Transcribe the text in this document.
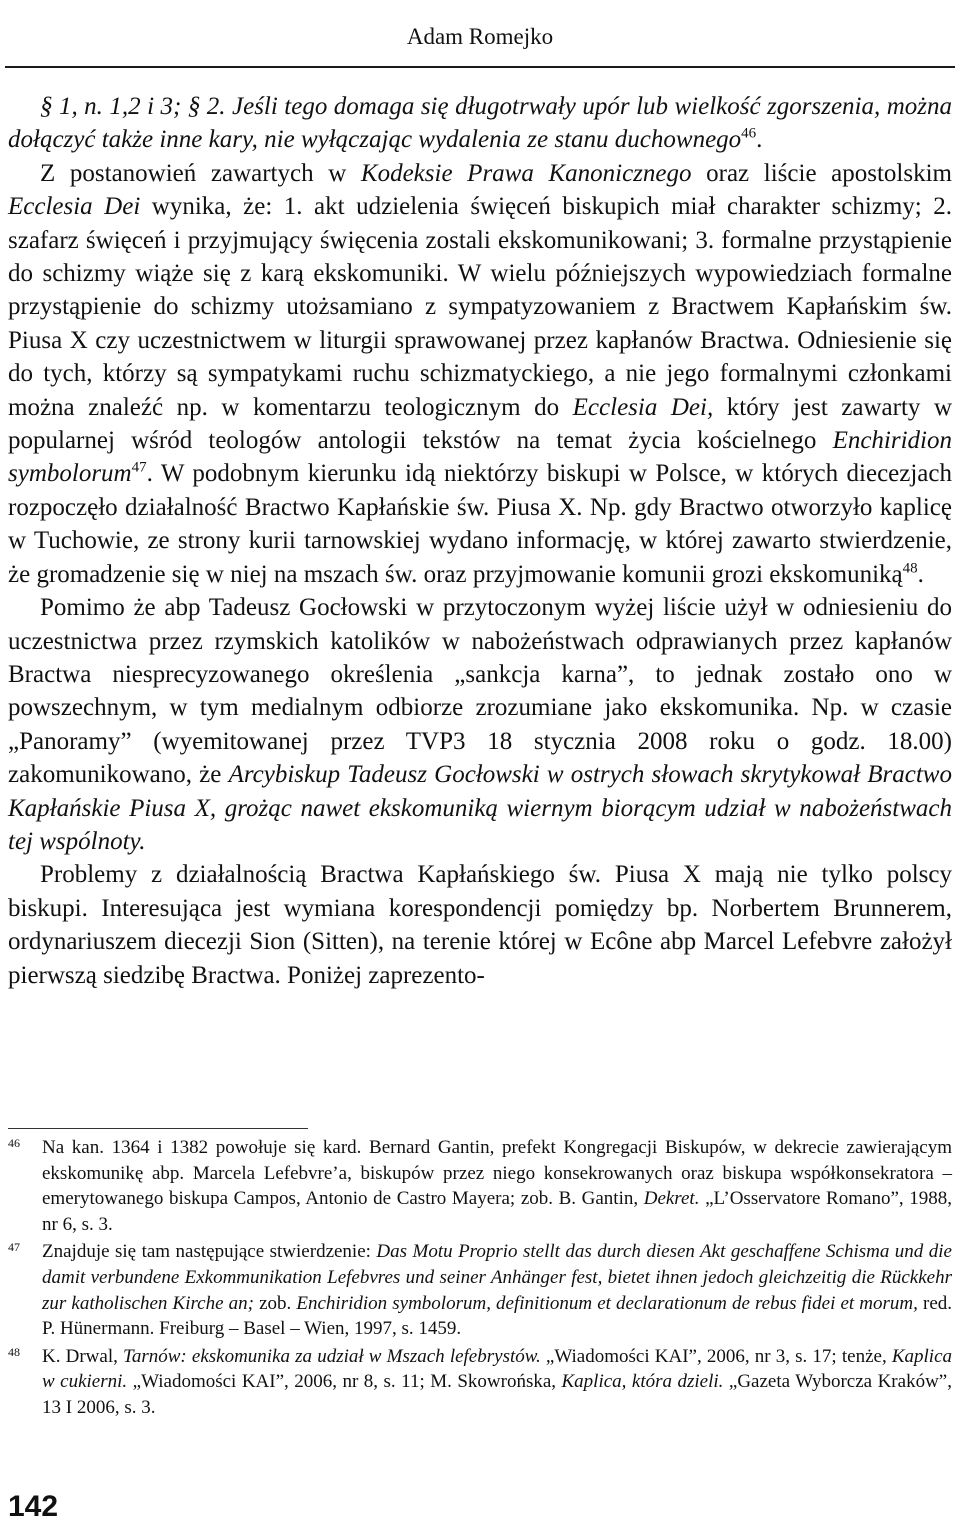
Adam Romejko

§ 1, n. 1,2 i 3; § 2. Jeśli tego domaga się długotrwały upór lub wielkość zgorszenia, można dołączyć także inne kary, nie wyłączając wydalenia ze stanu duchownego$^{46}$.

Z postanowień zawartych w Kodeksie Prawa Kanonicznego oraz liście apostolskim Ecclesia Dei wynika, że: 1. akt udzielenia święceń biskupich miał charakter schizmy; 2. szafarz święceń i przyjmujący święcenia zostali ekskomunikowani; 3. formalne przystąpienie do schizmy wiąże się z karą ekskomuniki. W wielu późniejszych wypowiedziach formalne przystąpienie do schizmy utożsamiano z sympatyzowaniem z Bractwem Kapłańskim św. Piusa X czy uczestnictwem w liturgii sprawowanej przez kapłanów Bractwa. Odniesienie się do tych, którzy są sympatykami ruchu schizmatyckiego, a nie jego formalnymi członkami można znaleźć np. w komentarzu teologicznym do Ecclesia Dei, który jest zawarty w popularnej wśród teologów antologii tekstów na temat życia kościelnego Enchiridion symbolorum$^{47}$. W podobnym kierunku idą niektórzy biskupi w Polsce, w których diecezjach rozpoczęło działalność Bractwo Kapłańskie św. Piusa X. Np. gdy Bractwo otworzyło kaplicę w Tuchowie, ze strony kurii tarnowskiej wydano informację, w której zawarto stwierdzenie, że gromadzenie się w niej na mszach św. oraz przyjmowanie komunii grozi ekskomuniką$^{48}$.

Pomimo że abp Tadeusz Gocłowski w przytoczonym wyżej liście użył w odniesieniu do uczestnictwa przez rzymskich katolików w nabożeństwach odprawianych przez kapłanów Bractwa niesprecyzowanego określenia „sankcja karna”, to jednak zostało ono w powszechnym, w tym medialnym odbiorze zrozumiane jako ekskomunika. Np. w czasie „Panoramy” (wyemitowanej przez TVP3 18 stycznia 2008 roku o godz. 18.00) zakomunikowano, że Arcybiskup Tadeusz Gocłowski w ostrych słowach skrytykował Bractwo Kapłańskie Piusa X, grożąc nawet ekskomuniką wiernym biorącym udział w nabożeństwach tej wspólnoty.

Problemy z działalnością Bractwa Kapłańskiego św. Piusa X mają nie tylko polscy biskupi. Interesująca jest wymiana korespondencji pomiędzy bp. Norbertem Brunnerem, ordynariuszem diecezji Sion (Sitten), na terenie której w Ecône abp Marcel Lefebvre założył pierwszą siedzibę Bractwa. Poniżej zaprezento-

46 Na kan. 1364 i 1382 powołuje się kard. Bernard Gantin, prefekt Kongregacji Biskupów, w dekrecie zawierającym ekskomunikę abp. Marcela Lefebvre’a, biskupów przez niego konsekrowanych oraz biskupa współkonsekratora – emerytowanego biskupa Campos, Antonio de Castro Mayera; zob. B. Gantin, Dekret. „L’Osservatore Romano”, 1988, nr 6, s. 3.

47 Znajduje się tam następujące stwierdzenie: Das Motu Proprio stellt das durch diesen Akt geschaffene Schisma und die damit verbundene Exkommunikation Lefebvres und seiner Anhänger fest, bietet ihnen jedoch gleichzeitig die Rückkehr zur katholischen Kirche an; zob. Enchiridion symbolorum, definitionum et declarationum de rebus fidei et morum, red. P. Hünermann. Freiburg – Basel – Wien, 1997, s. 1459.

48 K. Drwal, Tarnów: ekskomunika za udział w Mszach lefebrystów. „Wiadomości KAI”, 2006, nr 3, s. 17; tenże, Kaplica w cukierni. „Wiadomości KAI”, 2006, nr 8, s. 11; M. Skowrońska, Kaplica, która dzieli. „Gazeta Wyborcza Kraków”, 13 I 2006, s. 3.

142
